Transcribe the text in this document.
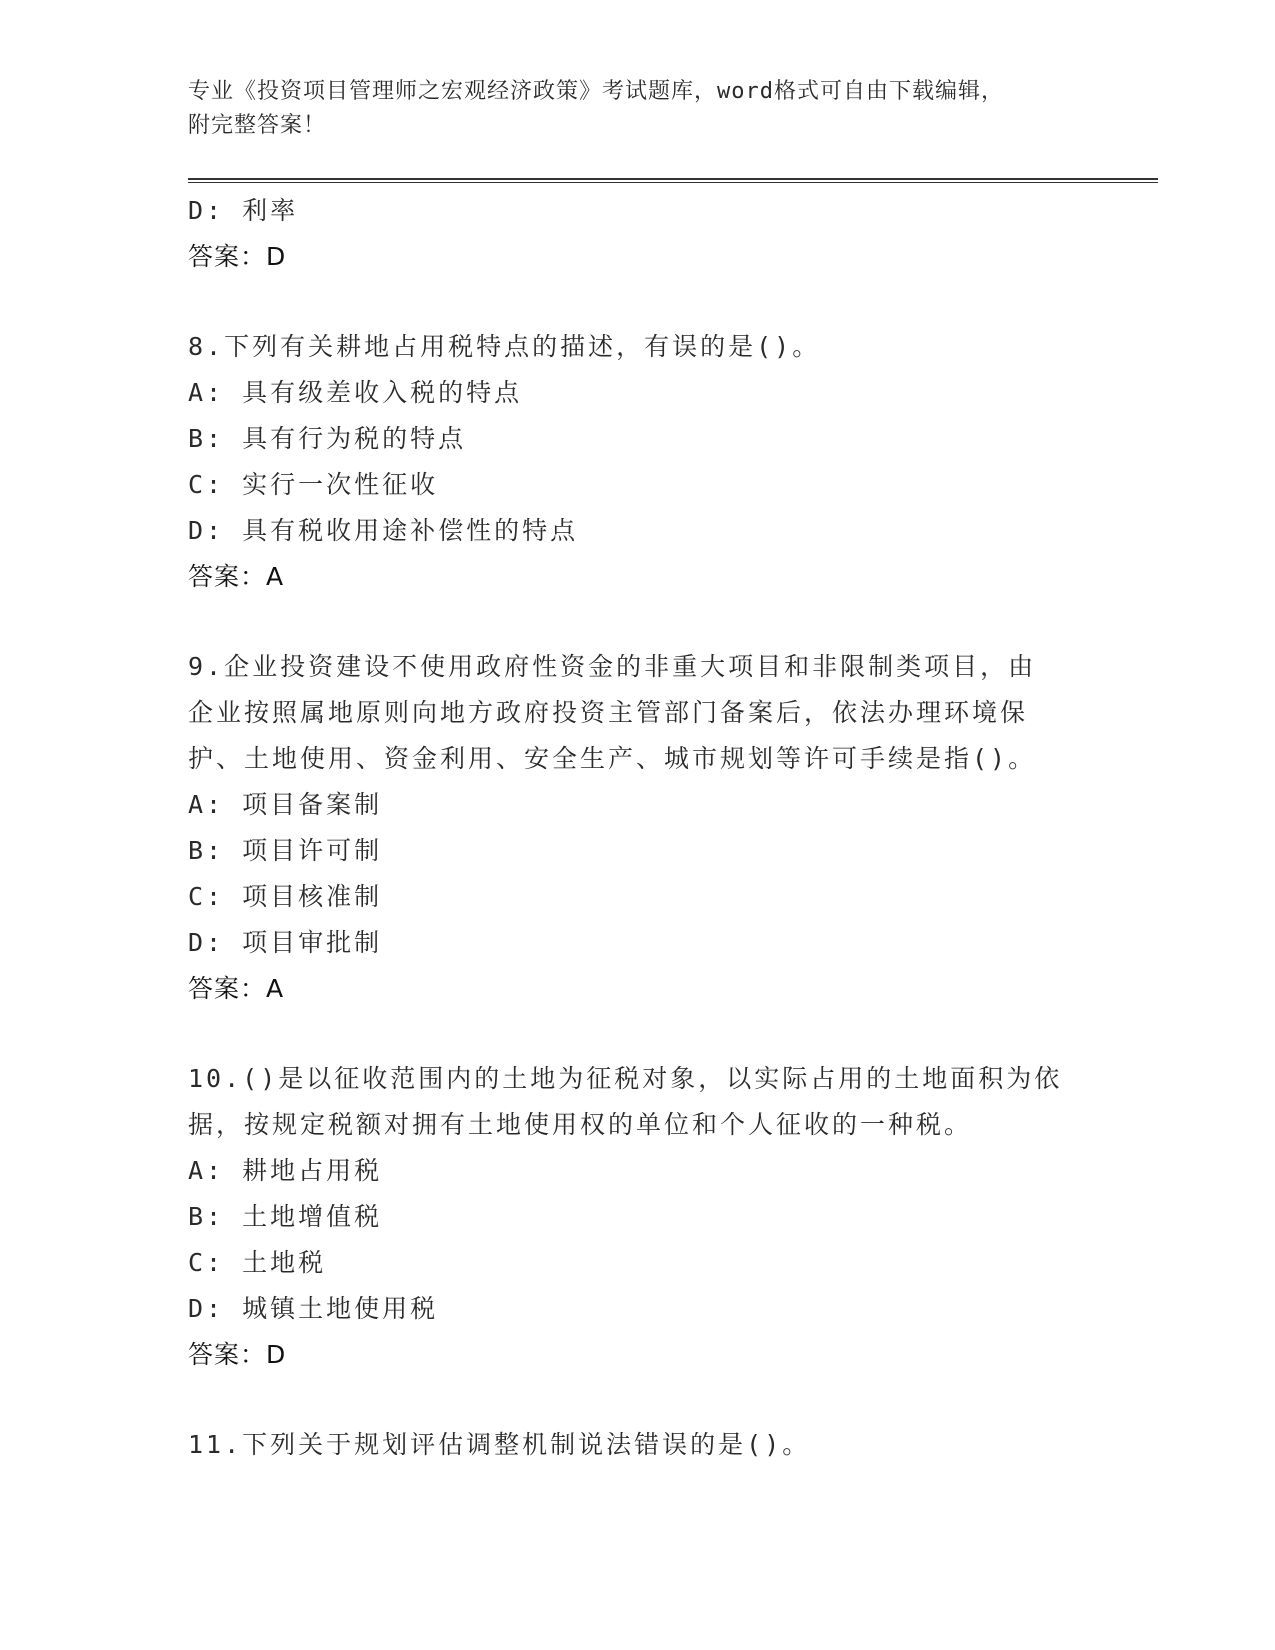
专业《投资项目管理师之宏观经济政策》考试题库，word格式可自由下载编辑，
附完整答案！
D: 利率
答案：D
8.下列有关耕地占用税特点的描述，有误的是()。
A: 具有级差收入税的特点
B: 具有行为税的特点
C: 实行一次性征收
D: 具有税收用途补偿性的特点
答案：A
9.企业投资建设不使用政府性资金的非重大项目和非限制类项目，由
企业按照属地原则向地方政府投资主管部门备案后，依法办理环境保
护、土地使用、资金利用、安全生产、城市规划等许可手续是指()。
A: 项目备案制
B: 项目许可制
C: 项目核准制
D: 项目审批制
答案：A
10.()是以征收范围内的土地为征税对象，以实际占用的土地面积为依
据，按规定税额对拥有土地使用权的单位和个人征收的一种税。
A: 耕地占用税
B: 土地增值税
C: 土地税
D: 城镇土地使用税
答案：D
11.下列关于规划评估调整机制说法错误的是()。
